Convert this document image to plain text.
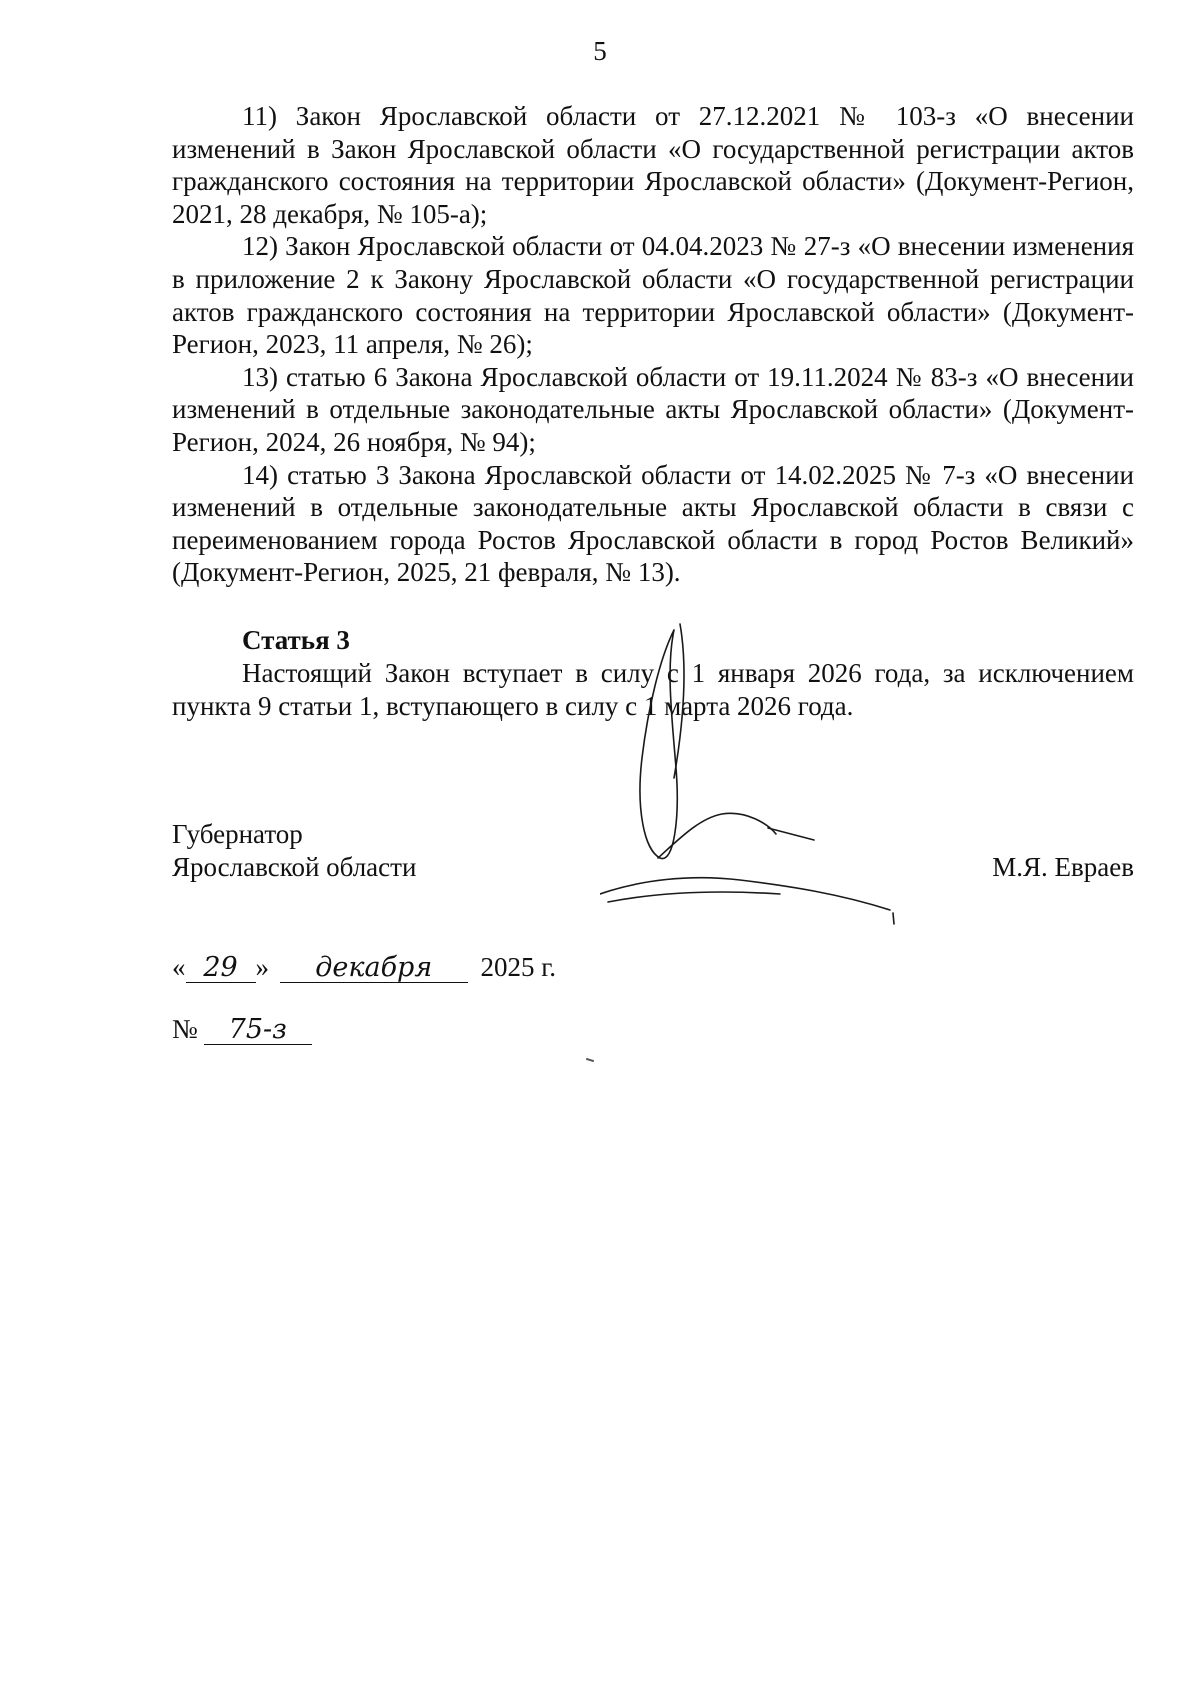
5

11) Закон Ярославской области от 27.12.2021 № 103-з «О внесении изменений в Закон Ярославской области «О государственной регистрации актов гражданского состояния на территории Ярославской области» (Документ-Регион, 2021, 28 декабря, № 105-а);

12) Закон Ярославской области от 04.04.2023 № 27-з «О внесении изменения в приложение 2 к Закону Ярославской области «О государственной регистрации актов гражданского состояния на территории Ярославской области» (Документ-Регион, 2023, 11 апреля, № 26);

13) статью 6 Закона Ярославской области от 19.11.2024 № 83-з «О внесении изменений в отдельные законодательные акты Ярославской области» (Документ-Регион, 2024, 26 ноября, № 94);

14) статью 3 Закона Ярославской области от 14.02.2025 № 7-з «О внесении изменений в отдельные законодательные акты Ярославской области в связи с переименованием города Ростов Ярославской области в город Ростов Великий» (Документ-Регион, 2025, 21 февраля, № 13).

Статья 3

Настоящий Закон вступает в силу с 1 января 2026 года, за исключением пункта 9 статьи 1, вступающего в силу с 1 марта 2026 года.

Губернатор
Ярославской области	М.Я. Евраев
« 29 » декабря 2025 г.
№ 75-з
